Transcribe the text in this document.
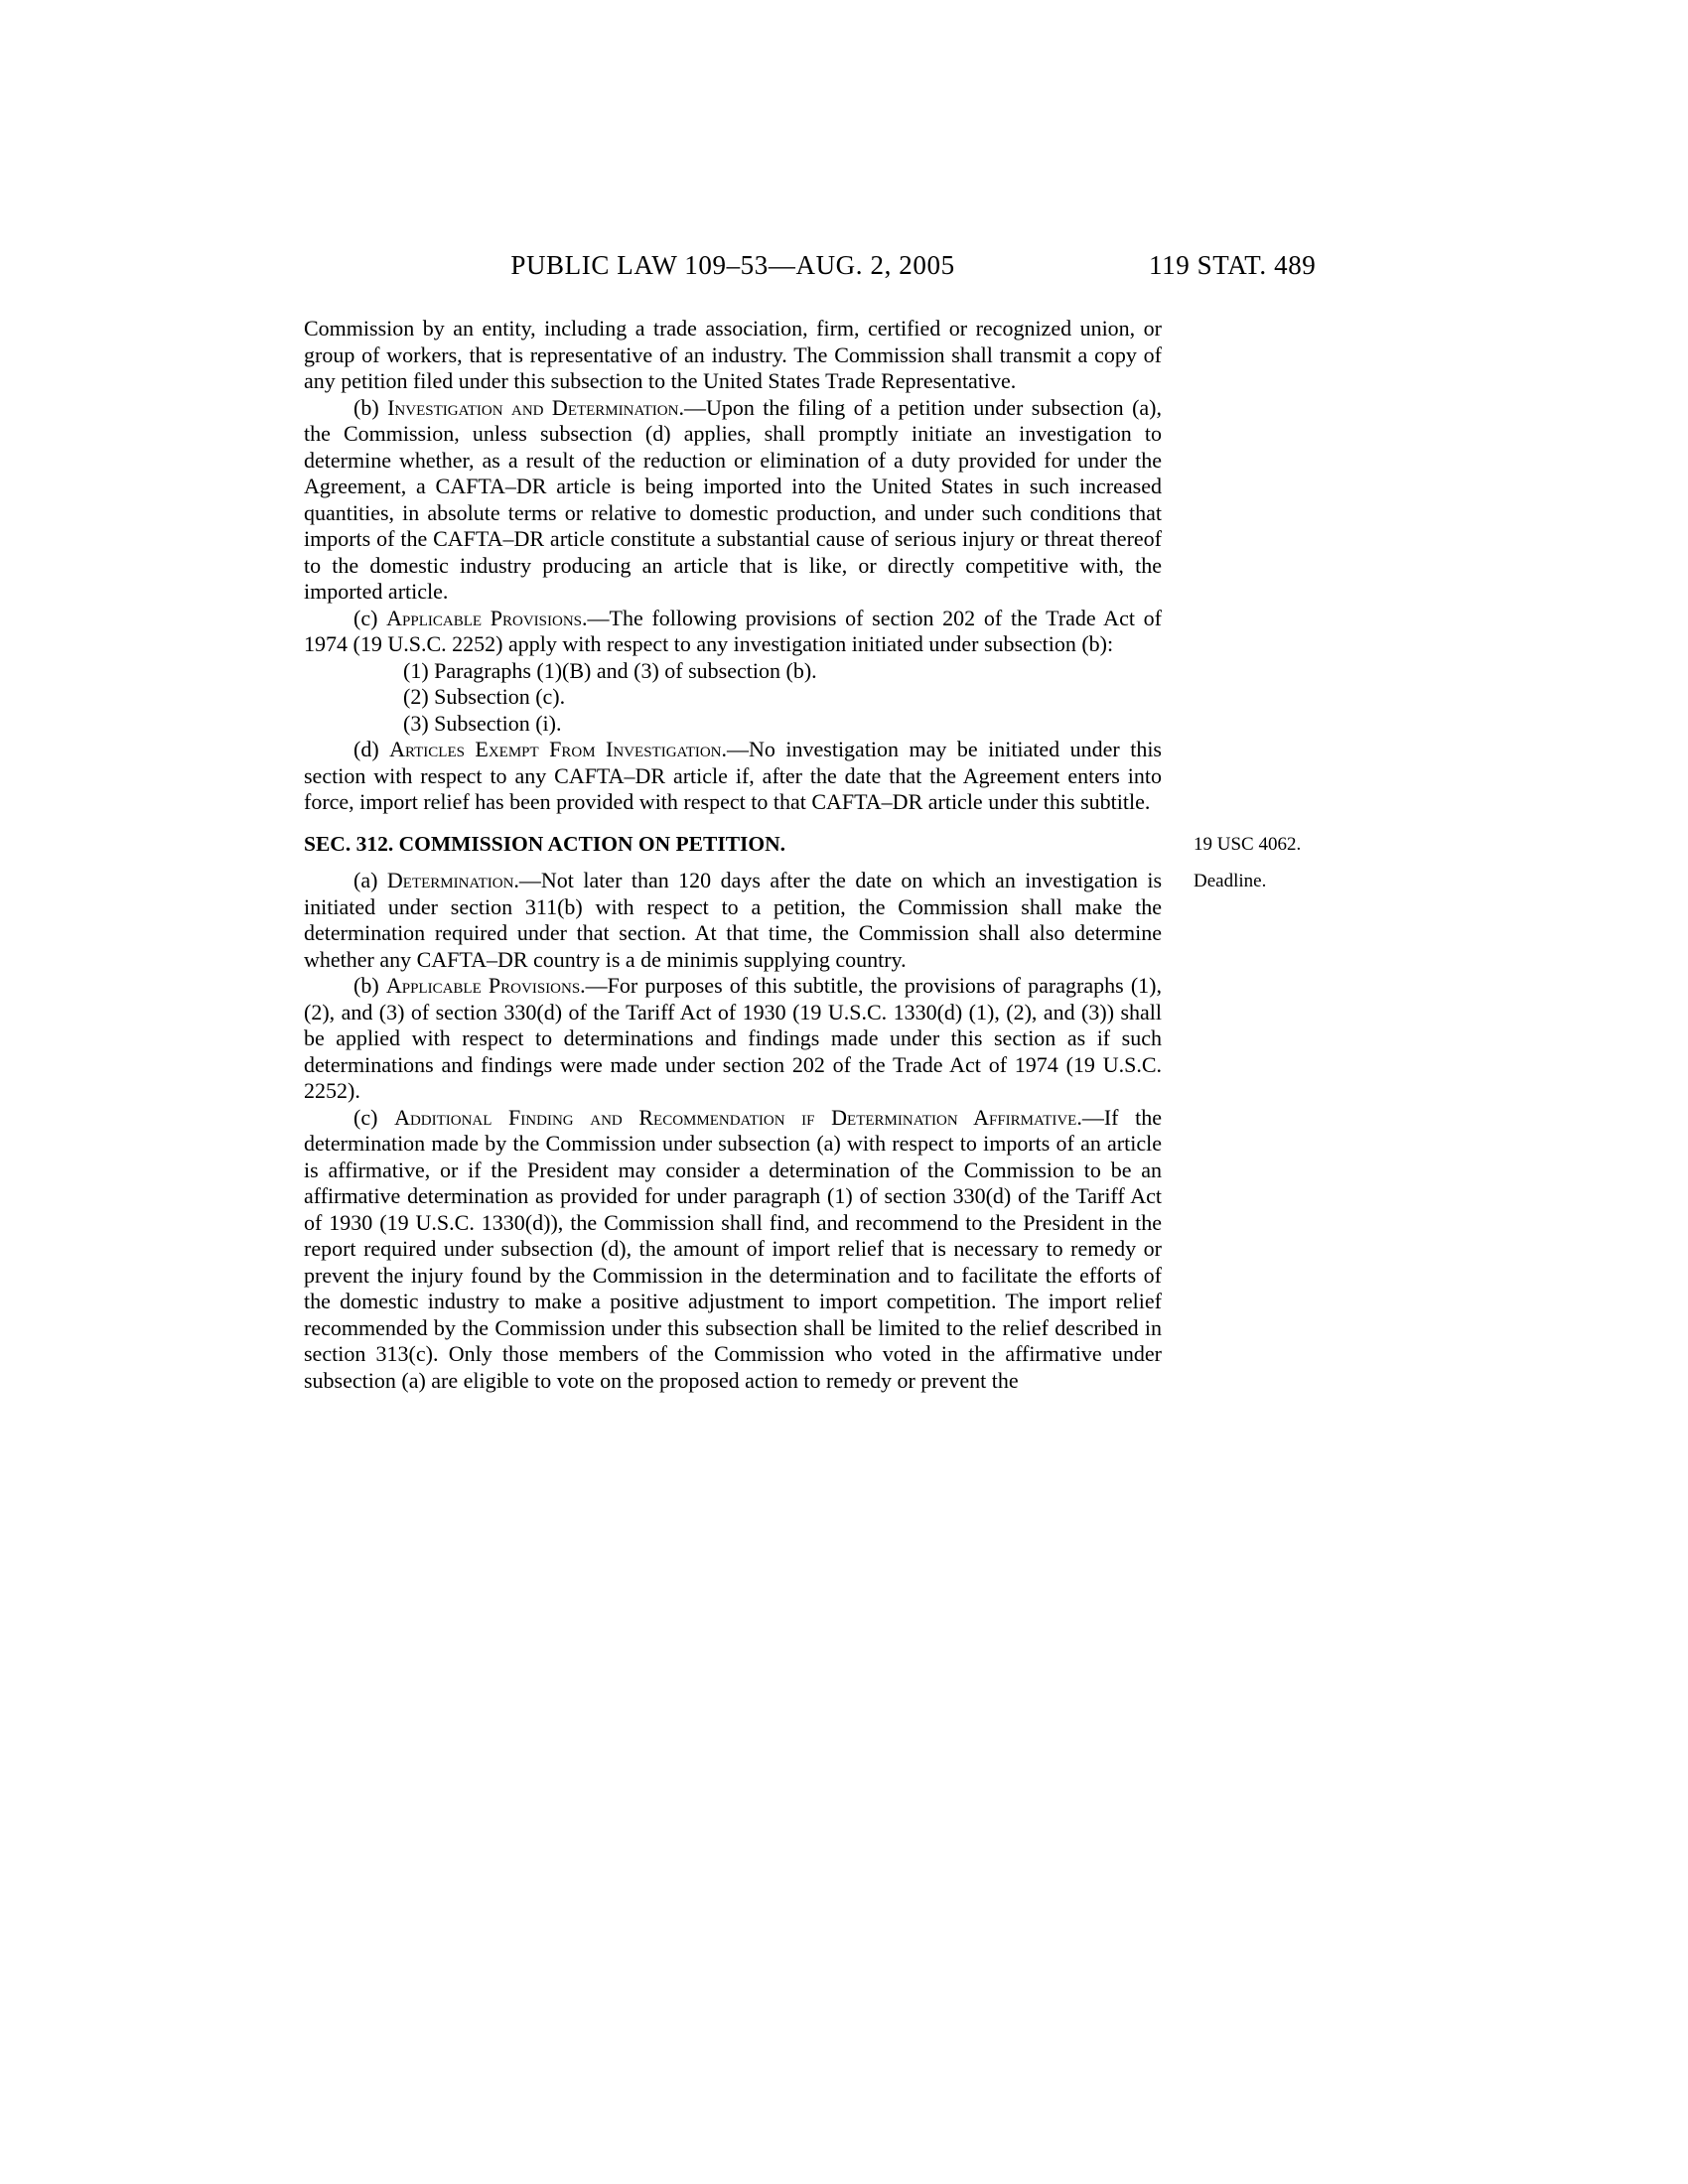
PUBLIC LAW 109–53—AUG. 2, 2005	119 STAT. 489

Commission by an entity, including a trade association, firm, certified or recognized union, or group of workers, that is representative of an industry. The Commission shall transmit a copy of any petition filed under this subsection to the United States Trade Representative.

(b) Investigation and Determination.—Upon the filing of a petition under subsection (a), the Commission, unless subsection (d) applies, shall promptly initiate an investigation to determine whether, as a result of the reduction or elimination of a duty provided for under the Agreement, a CAFTA–DR article is being imported into the United States in such increased quantities, in absolute terms or relative to domestic production, and under such conditions that imports of the CAFTA–DR article constitute a substantial cause of serious injury or threat thereof to the domestic industry producing an article that is like, or directly competitive with, the imported article.

(c) Applicable Provisions.—The following provisions of section 202 of the Trade Act of 1974 (19 U.S.C. 2252) apply with respect to any investigation initiated under subsection (b):

(1) Paragraphs (1)(B) and (3) of subsection (b).

(2) Subsection (c).

(3) Subsection (i).

(d) Articles Exempt From Investigation.—No investigation may be initiated under this section with respect to any CAFTA–DR article if, after the date that the Agreement enters into force, import relief has been provided with respect to that CAFTA–DR article under this subtitle.

SEC. 312. COMMISSION ACTION ON PETITION.	19 USC 4062.

(a) Determination.—Not later than 120 days after the date on which an investigation is initiated under section 311(b) with respect to a petition, the Commission shall make the determination required under that section. At that time, the Commission shall also determine whether any CAFTA–DR country is a de minimis supplying country.
Deadline.

(b) Applicable Provisions.—For purposes of this subtitle, the provisions of paragraphs (1), (2), and (3) of section 330(d) of the Tariff Act of 1930 (19 U.S.C. 1330(d) (1), (2), and (3)) shall be applied with respect to determinations and findings made under this section as if such determinations and findings were made under section 202 of the Trade Act of 1974 (19 U.S.C. 2252).

(c) Additional Finding and Recommendation if Determination Affirmative.—If the determination made by the Commission under subsection (a) with respect to imports of an article is affirmative, or if the President may consider a determination of the Commission to be an affirmative determination as provided for under paragraph (1) of section 330(d) of the Tariff Act of 1930 (19 U.S.C. 1330(d)), the Commission shall find, and recommend to the President in the report required under subsection (d), the amount of import relief that is necessary to remedy or prevent the injury found by the Commission in the determination and to facilitate the efforts of the domestic industry to make a positive adjustment to import competition. The import relief recommended by the Commission under this subsection shall be limited to the relief described in section 313(c). Only those members of the Commission who voted in the affirmative under subsection (a) are eligible to vote on the proposed action to remedy or prevent the
